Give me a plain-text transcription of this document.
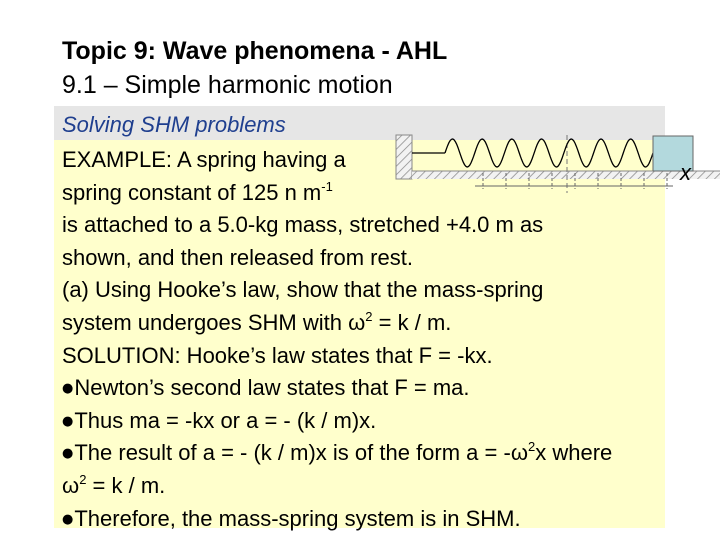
Topic 9: Wave phenomena - AHL
9.1 – Simple harmonic motion
Solving SHM problems
x
EXAMPLE: A spring having a
spring constant of 125 n $m^{-1}$
is attached to a 5.0-kg mass, stretched +4.0 m as
shown, and then released from rest.
(a) Using Hooke’s law, show that the mass-spring
system undergoes SHM with $\omega^2 = k / m$.
SOLUTION: Hooke’s law states that F = -kx.
●Newton’s second law states that F = ma.
●Thus ma = -kx or a = - (k / m)x.
●The result of a = - (k / m)x is of the form $a = -\omega^2x$ where
$\omega^2 = k / m$.
●Therefore, the mass-spring system is in SHM.
